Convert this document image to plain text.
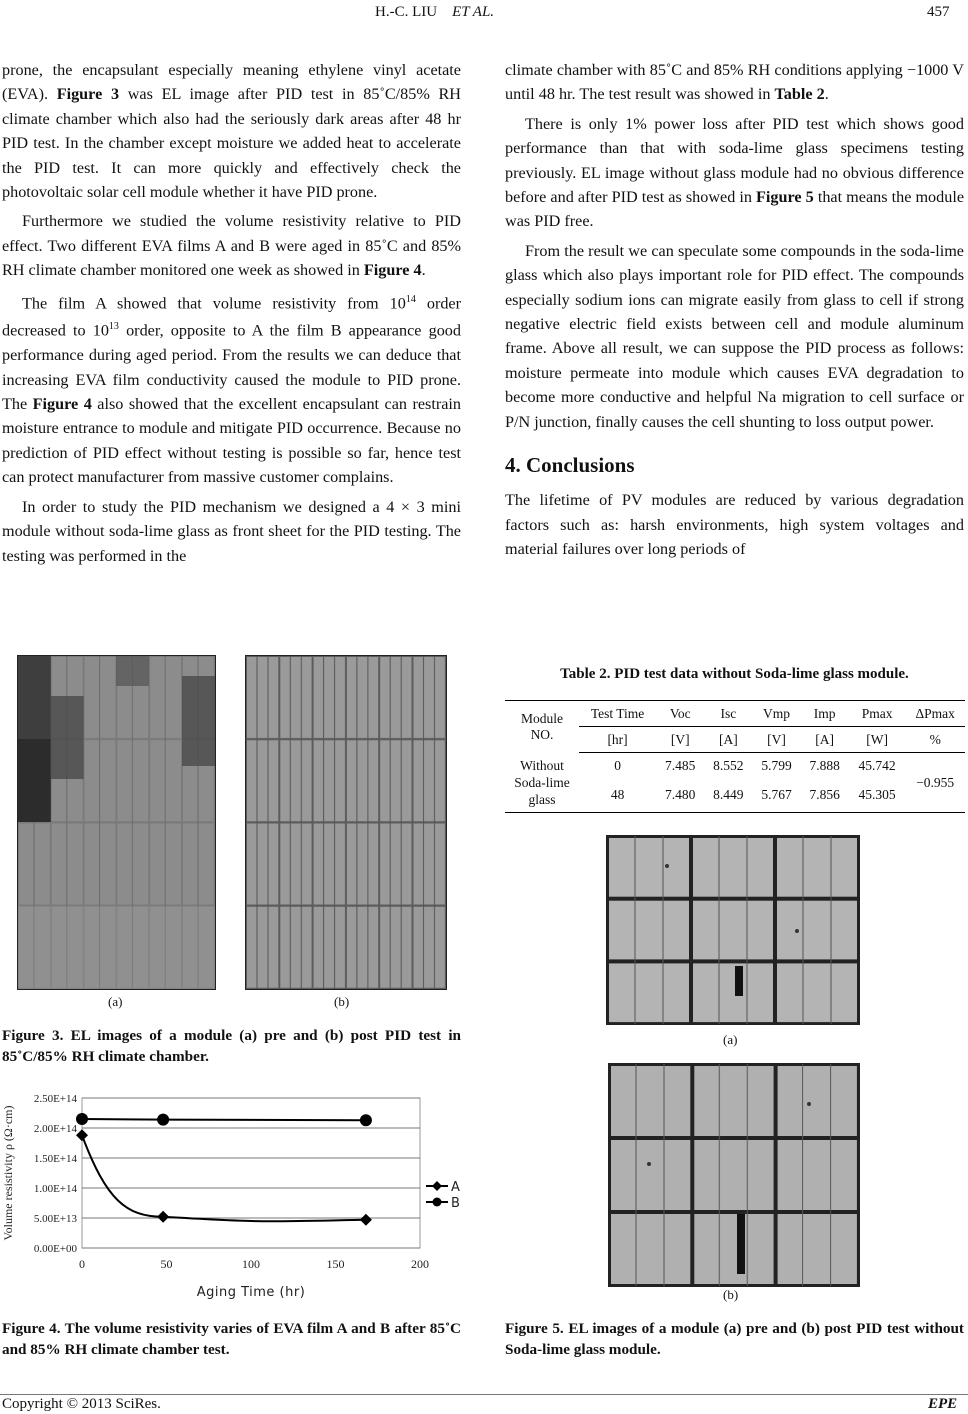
H.-C. LIU ET AL.	457

prone, the encapsulant especially meaning ethylene vinyl acetate (EVA). Figure 3 was EL image after PID test in 85˚C/85% RH climate chamber which also had the seriously dark areas after 48 hr PID test. In the chamber except moisture we added heat to accelerate the PID test. It can more quickly and effectively check the photovoltaic solar cell module whether it have PID prone.

Furthermore we studied the volume resistivity relative to PID effect. Two different EVA films A and B were aged in 85˚C and 85% RH climate chamber monitored one week as showed in Figure 4.

The film A showed that volume resistivity from $10^{14}$ order decreased to $10^{13}$ order, opposite to A the film B appearance good performance during aged period. From the results we can deduce that increasing EVA film conductivity caused the module to PID prone. The Figure 4 also showed that the excellent encapsulant can restrain moisture entrance to module and mitigate PID occurrence. Because no prediction of PID effect without testing is possible so far, hence test can protect manufacturer from massive customer complains.

In order to study the PID mechanism we designed a 4 × 3 mini module without soda-lime glass as front sheet for the PID testing. The testing was performed in the

(a)	(b)
Figure 3. EL images of a module (a) pre and (b) post PID test in 85˚C/85% RH climate chamber.
0.00E+00
5.00E+13
1.00E+14
1.50E+14
2.00E+14
2.50E+14
0	50	100	150	200
Aging Time (hr)
Volume resistivity ρ (Ω·cm)	A
B
Figure 4. The volume resistivity varies of EVA film A and B after 85˚C and 85% RH climate chamber test.

climate chamber with 85˚C and 85% RH conditions applying −1000 V until 48 hr. The test result was showed in Table 2.

There is only 1% power loss after PID test which shows good performance than that with soda-lime glass specimens testing previously. EL image without glass module had no obvious difference before and after PID test as showed in Figure 5 that means the module was PID free.

From the result we can speculate some compounds in the soda-lime glass which also plays important role for PID effect. The compounds especially sodium ions can migrate easily from glass to cell if strong negative electric field exists between cell and module aluminum frame. Above all result, we can suppose the PID process as follows: moisture permeate into module which causes EVA degradation to become more conductive and helpful Na migration to cell surface or P/N junction, finally causes the cell shunting to loss output power.

4. Conclusions

The lifetime of PV modules are reduced by various degradation factors such as: harsh environments, high system voltages and material failures over long periods of

Table 2. PID test data without Soda-lime glass module.
Module NO.	Test Time	Voc	Isc	Vmp	Imp	Pmax	ΔPmax
	[hr]	[V]	[A]	[V]	[A]	[W]	%
Without Soda-lime glass	0	7.485	8.552	5.799	7.888	45.742	−0.955
	48	7.480	8.449	5.767	7.856	45.305	
(a)
(b)
Figure 5. EL images of a module (a) pre and (b) post PID test without Soda-lime glass module.
Copyright © 2013 SciRes.	EPE
